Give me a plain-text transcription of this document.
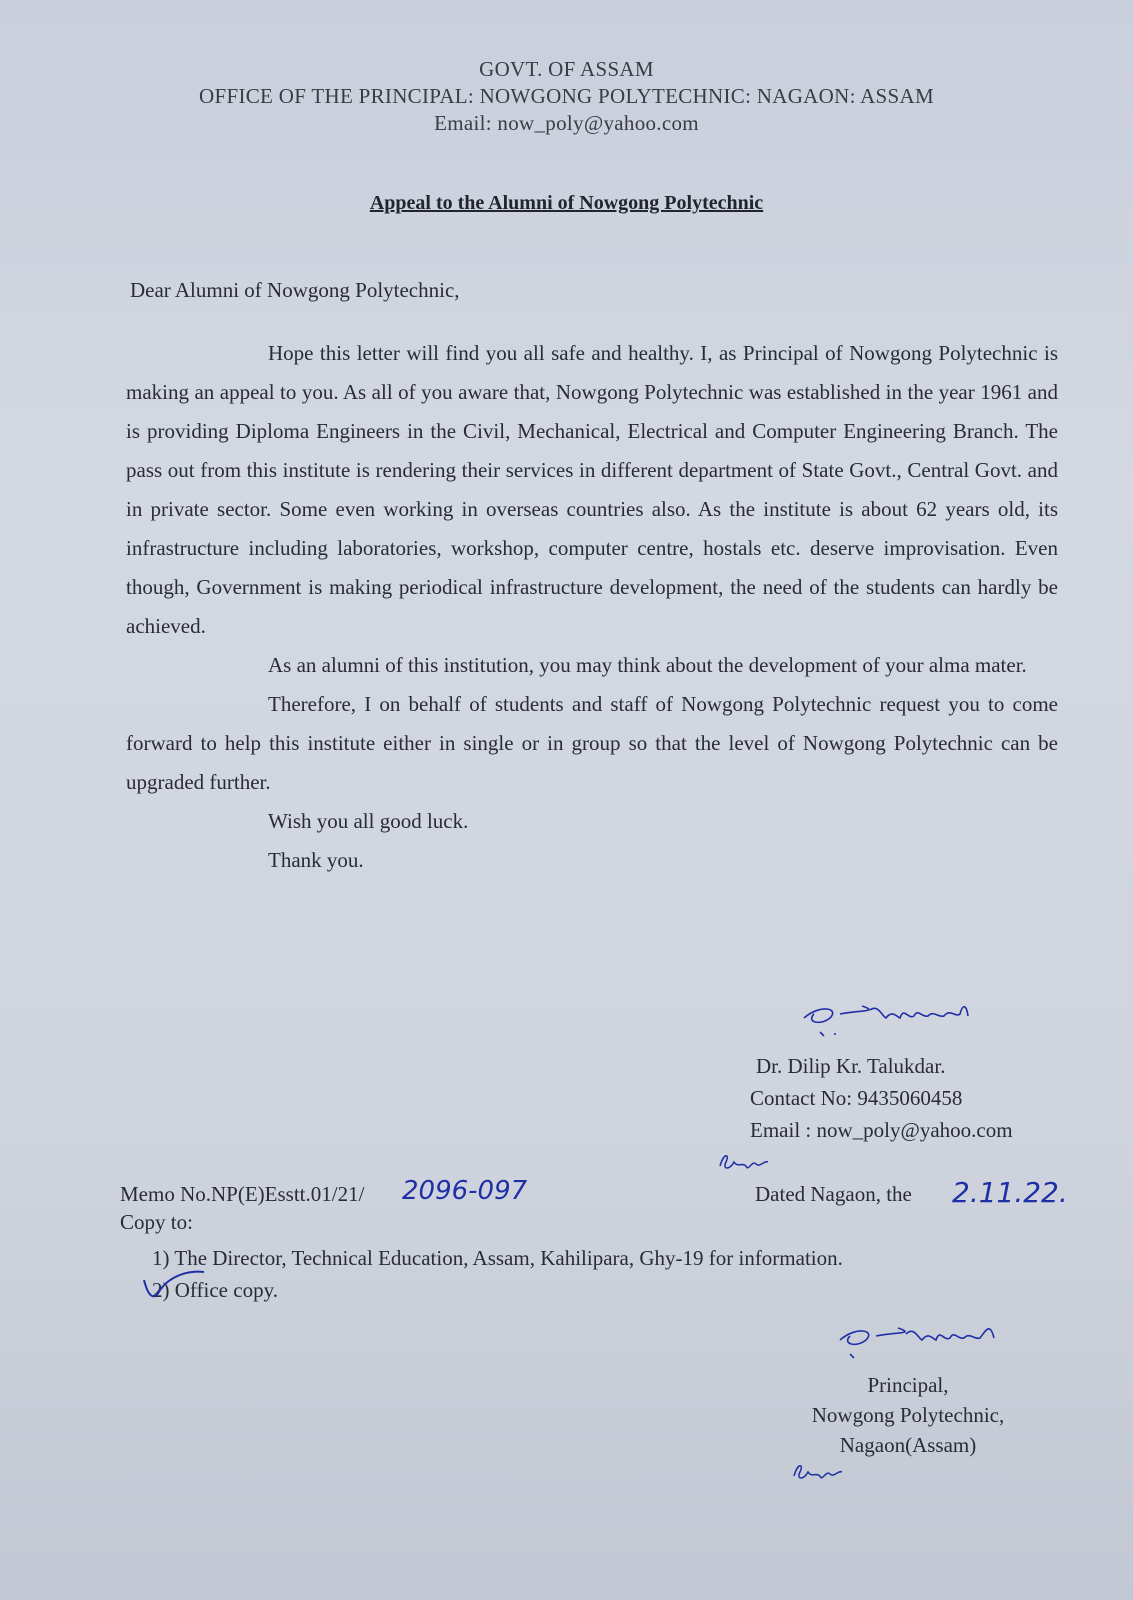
GOVT. OF ASSAM
OFFICE OF THE PRINCIPAL: NOWGONG POLYTECHNIC: NAGAON: ASSAM
Email: now_poly@yahoo.com
Appeal to the Alumni of Nowgong Polytechnic
Dear Alumni of Nowgong Polytechnic,

Hope this letter will find you all safe and healthy. I, as Principal of Nowgong Polytechnic is making an appeal to you. As all of you aware that, Nowgong Polytechnic was established in the year 1961 and is providing Diploma Engineers in the Civil, Mechanical, Electrical and Computer Engineering Branch. The pass out from this institute is rendering their services in different department of State Govt., Central Govt. and in private sector. Some even working in overseas countries also. As the institute is about 62 years old, its infrastructure including laboratories, workshop, computer centre, hostals etc. deserve improvisation. Even though, Government is making periodical infrastructure development, the need of the students can hardly be achieved.

As an alumni of this institution, you may think about the development of your alma mater.

Therefore, I on behalf of students and staff of Nowgong Polytechnic request you to come forward to help this institute either in single or in group so that the level of Nowgong Polytechnic can be upgraded further.

Wish you all good luck.

Thank you.

Dr. Dilip Kr. Talukdar.
Contact No: 9435060458
Email : now_poly@yahoo.com
Memo No.NP(E)Esstt.01/21/ 2096-097	Dated Nagaon, the 2.11.22.
Copy to:
1) The Director, Technical Education, Assam, Kahilipara, Ghy-19 for information.
2) Office copy.
Principal,
Nowgong Polytechnic,
Nagaon(Assam)
